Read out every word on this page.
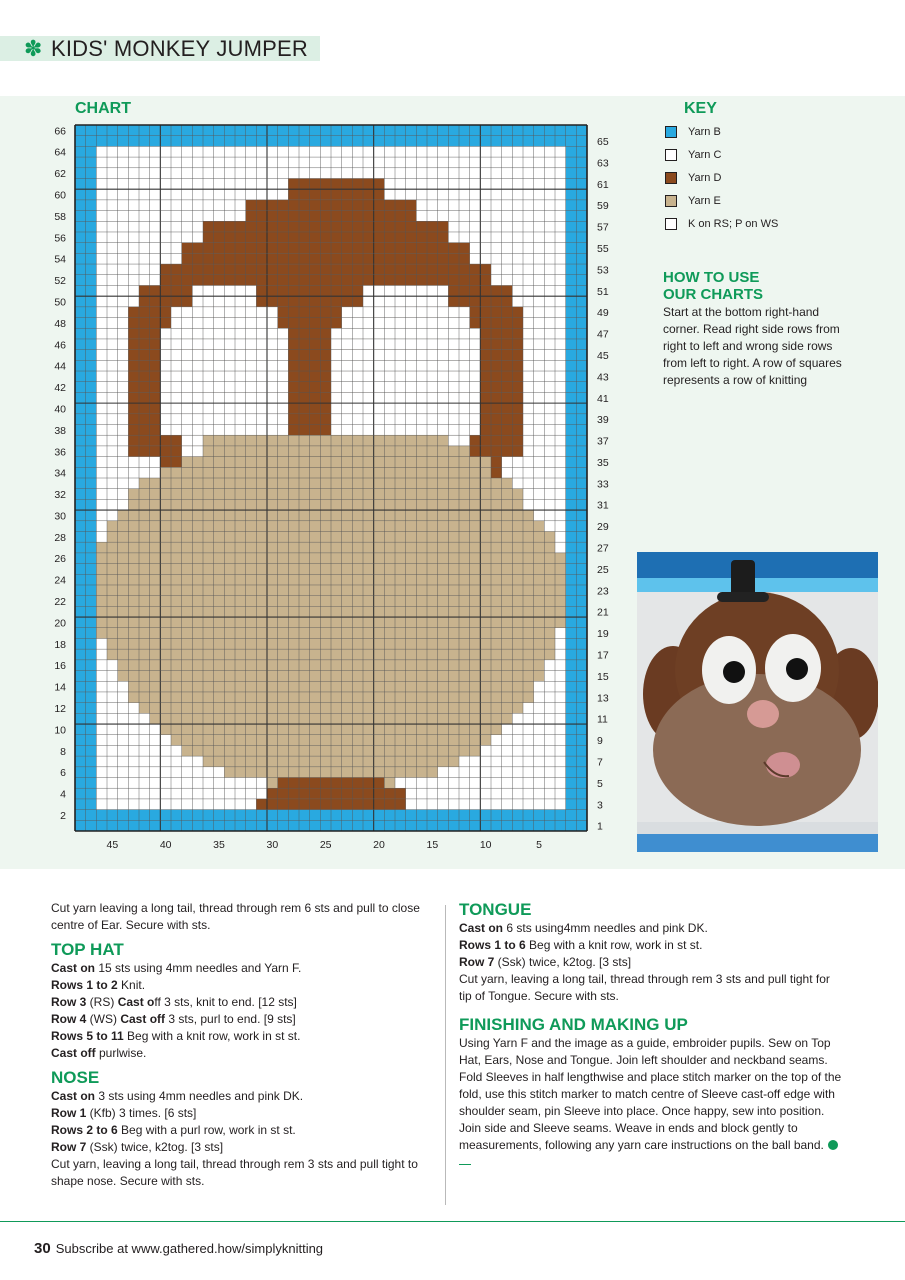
✽ KIDS' MONKEY JUMPER
CHART	KEY
66
64
62
60
58
56
54
52
50
48
46
44
42
40
38
36
34
32
30
28
26
24
22
20
18
16
14
12
10
8
6
4
2
65
63
61
59
57
55
53
51
49
47
45
43
41
39
37
35
33
31
29
27
25
23
21
19
17
15
13
11
9
7
5
3
1
45	40	35	30	25	20	15	10	5
Yarn B
Yarn C
Yarn D
Yarn E
K on RS; P on WS
HOW TO USE
OUR CHARTS
Start at the bottom right-hand corner. Read right side rows from right to left and wrong side rows from left to right. A row of squares represents a row of knitting

Cut yarn leaving a long tail, thread through rem 6 sts and pull to close centre of Ear. Secure with sts.

TOP HAT

Cast on 15 sts using 4mm needles and Yarn F.

Rows 1 to 2 Knit.

Row 3 (RS) Cast off 3 sts, knit to end. [12 sts]

Row 4 (WS) Cast off 3 sts, purl to end. [9 sts]

Rows 5 to 11 Beg with a knit row, work in st st.

Cast off purlwise.

NOSE

Cast on 3 sts using 4mm needles and pink DK.

Row 1 (Kfb) 3 times. [6 sts]

Rows 2 to 6 Beg with a purl row, work in st st.

Row 7 (Ssk) twice, k2tog. [3 sts]

Cut yarn, leaving a long tail, thread through rem 3 sts and pull tight to shape nose. Secure with sts.

TONGUE

Cast on 6 sts using4mm needles and pink DK.

Rows 1 to 6 Beg with a knit row, work in st st.

Row 7 (Ssk) twice, k2tog. [3 sts]

Cut yarn, leaving a long tail, thread through rem 3 sts and pull tight for tip of Tongue. Secure with sts.

FINISHING AND MAKING UP

Using Yarn F and the image as a guide, embroider pupils. Sew on Top Hat, Ears, Nose and Tongue. Join left shoulder and neckband seams. Fold Sleeves in half lengthwise and place stitch marker on the top of the fold, use this stitch marker to match centre of Sleeve cast-off edge with shoulder seam, pin Sleeve into place. Once happy, sew into position. Join side and Sleeve seams. Weave in ends and block gently to measurements, following any yarn care instructions on the ball band.

30 Subscribe at www.gathered.how/simplyknitting
